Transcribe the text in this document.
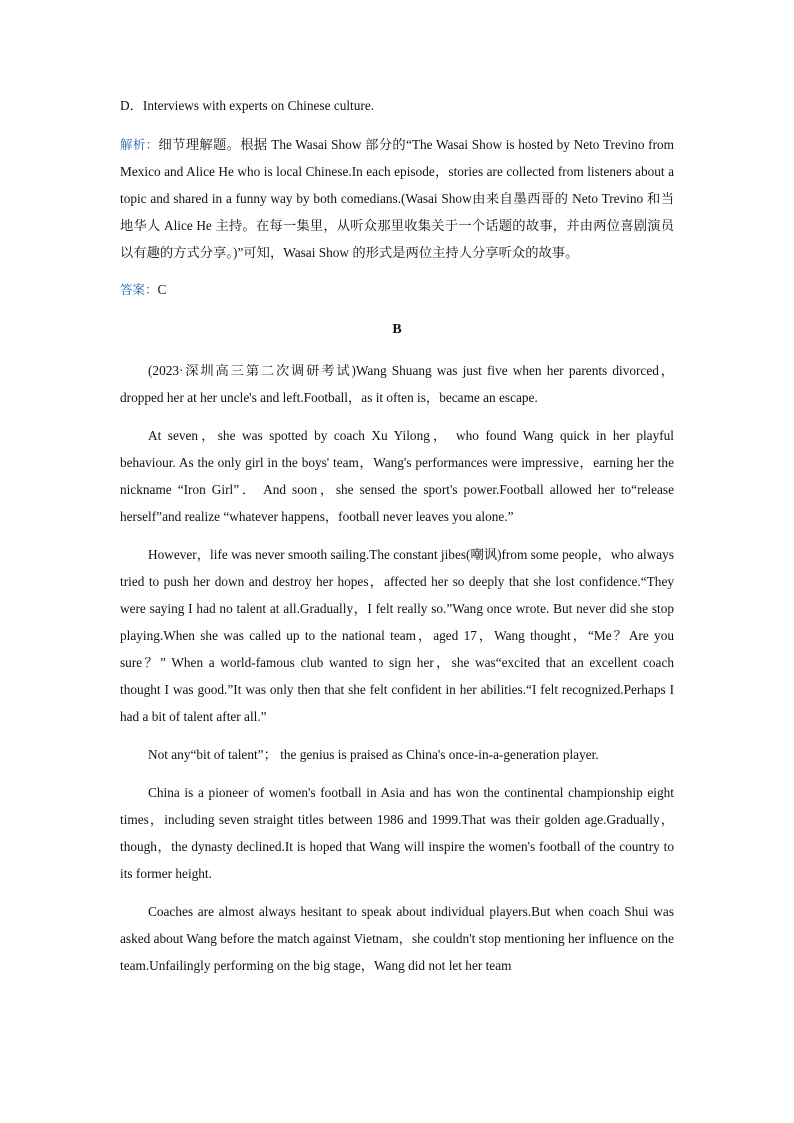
D．Interviews with experts on Chinese culture.

解析：细节理解题。根据 The Wasai Show 部分的“The Wasai Show is hosted by Neto Trevino from Mexico and Alice He who is local Chinese.In each episode，stories are collected from listeners about a topic and shared in a funny way by both comedians.(Wasai Show由来自墨西哥的 Neto Trevino 和当地华人 Alice He 主持。在每一集里，从听众那里收集关于一个话题的故事，并由两位喜剧演员以有趣的方式分享。)”可知，Wasai Show 的形式是两位主持人分享听众的故事。

答案：C

B

(2023·深圳高三第二次调研考试)Wang Shuang was just five when her parents divorced，dropped her at her uncle's and left.Football，as it often is，became an escape.

At seven，she was spotted by coach Xu Yilong， who found Wang quick in her playful behaviour. As the only girl in the boys' team，Wang's performances were impressive，earning her the nickname “Iron Girl”． And soon，she sensed the sport's power.Football allowed her to“release herself”and realize “whatever happens，football never leaves you alone.”

However，life was never smooth sailing.The constant jibes(嘲讽)from some people，who always tried to push her down and destroy her hopes，affected her so deeply that she lost confidence.“They were saying I had no talent at all.Gradually，I felt really so.”Wang once wrote. But never did she stop playing.When she was called up to the national team，aged 17，Wang thought，“Me？Are you sure？” When a world-famous club wanted to sign her，she was“excited that an excellent coach thought I was good.”It was only then that she felt confident in her abilities.“I felt recognized.Perhaps I had a bit of talent after all.”

Not any“bit of talent”； the genius is praised as China's once-in-a-generation player.

China is a pioneer of women's football in Asia and has won the continental championship eight times，including seven straight titles between 1986 and 1999.That was their golden age.Gradually，though，the dynasty declined.It is hoped that Wang will inspire the women's football of the country to its former height.

Coaches are almost always hesitant to speak about individual players.But when coach Shui was asked about Wang before the match against Vietnam，she couldn't stop mentioning her influence on the team.Unfailingly performing on the big stage，Wang did not let her team
